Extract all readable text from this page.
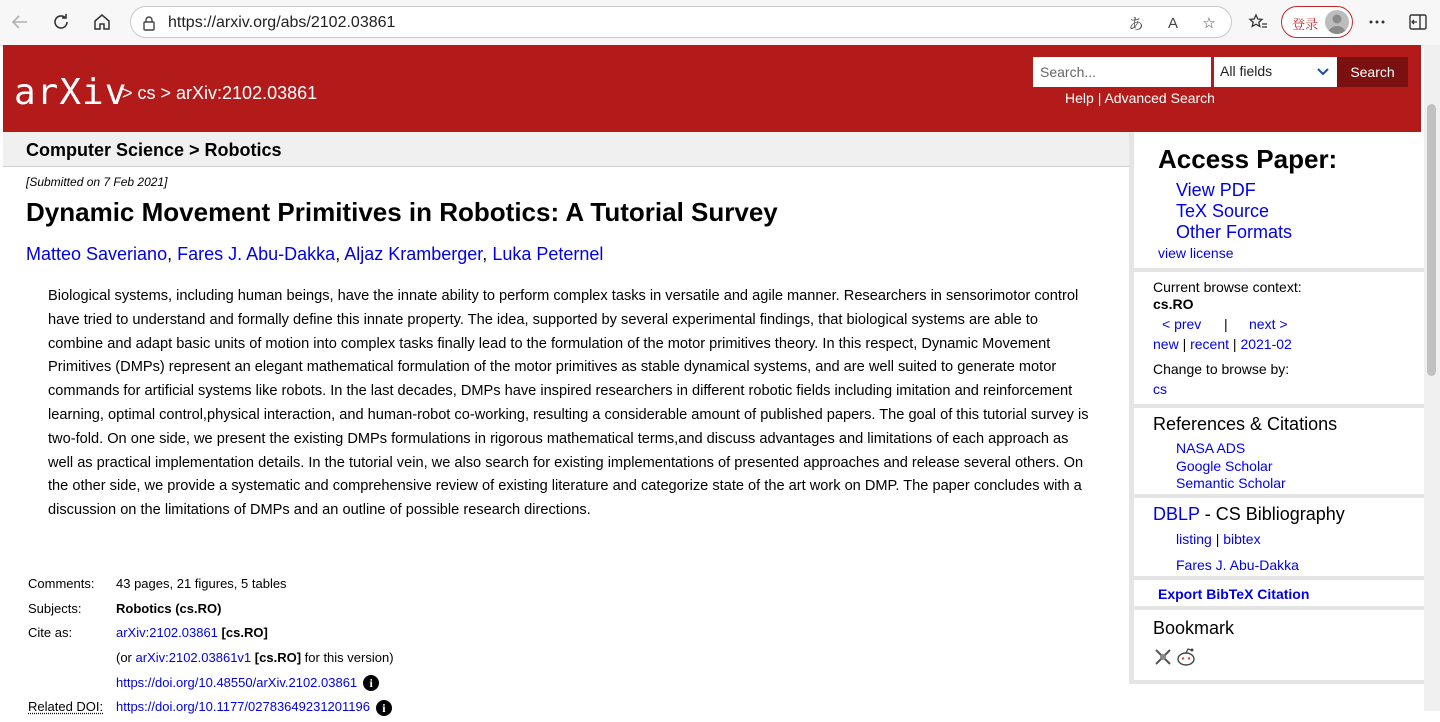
https://arxiv.org/abs/2102.03861	あ	A	☆	登录
arXiv
> cs > arXiv:2102.03861
Search...
All fields	Search
Help | Advanced Search
Computer Science > Robotics
[Submitted on 7 Feb 2021]
Dynamic Movement Primitives in Robotics: A Tutorial Survey
Matteo Saveriano, Fares J. Abu-Dakka, Aljaz Kramberger, Luka Peternel

Biological systems, including human beings, have the innate ability to perform complex tasks in versatile and agile manner. Researchers in sensorimotor control have tried to understand and formally define this innate property. The idea, supported by several experimental findings, that biological systems are able to combine and adapt basic units of motion into complex tasks finally lead to the formulation of the motor primitives theory. In this respect, Dynamic Movement Primitives (DMPs) represent an elegant mathematical formulation of the motor primitives as stable dynamical systems, and are well suited to generate motor commands for artificial systems like robots. In the last decades, DMPs have inspired researchers in different robotic fields including imitation and reinforcement learning, optimal control,physical interaction, and human-robot co-working, resulting a considerable amount of published papers. The goal of this tutorial survey is two-fold. On one side, we present the existing DMPs formulations in rigorous mathematical terms,and discuss advantages and limitations of each approach as well as practical implementation details. In the tutorial vein, we also search for existing implementations of presented approaches and release several others. On the other side, we provide a systematic and comprehensive review of existing literature and categorize state of the art work on DMP. The paper concludes with a discussion on the limitations of DMPs and an outline of possible research directions.

Comments:	43 pages, 21 figures, 5 tables
Subjects:	Robotics (cs.RO)
Cite as:	arXiv:2102.03861 [cs.RO]
	(or arXiv:2102.03861v1 [cs.RO] for this version)
	https://doi.org/10.48550/arXiv.2102.03861 i
Related DOI:	https://doi.org/10.1177/02783649231201196 i
Access Paper:
View PDF
TeX Source
Other Formats
view license
Current browse context:
cs.RO
< prev | next >
new | recent | 2021-02
Change to browse by:
cs
References & Citations
NASA ADS
Google Scholar
Semantic Scholar
DBLP - CS Bibliography
listing | bibtex
Fares J. Abu-Dakka
Export BibTeX Citation
Bookmark
